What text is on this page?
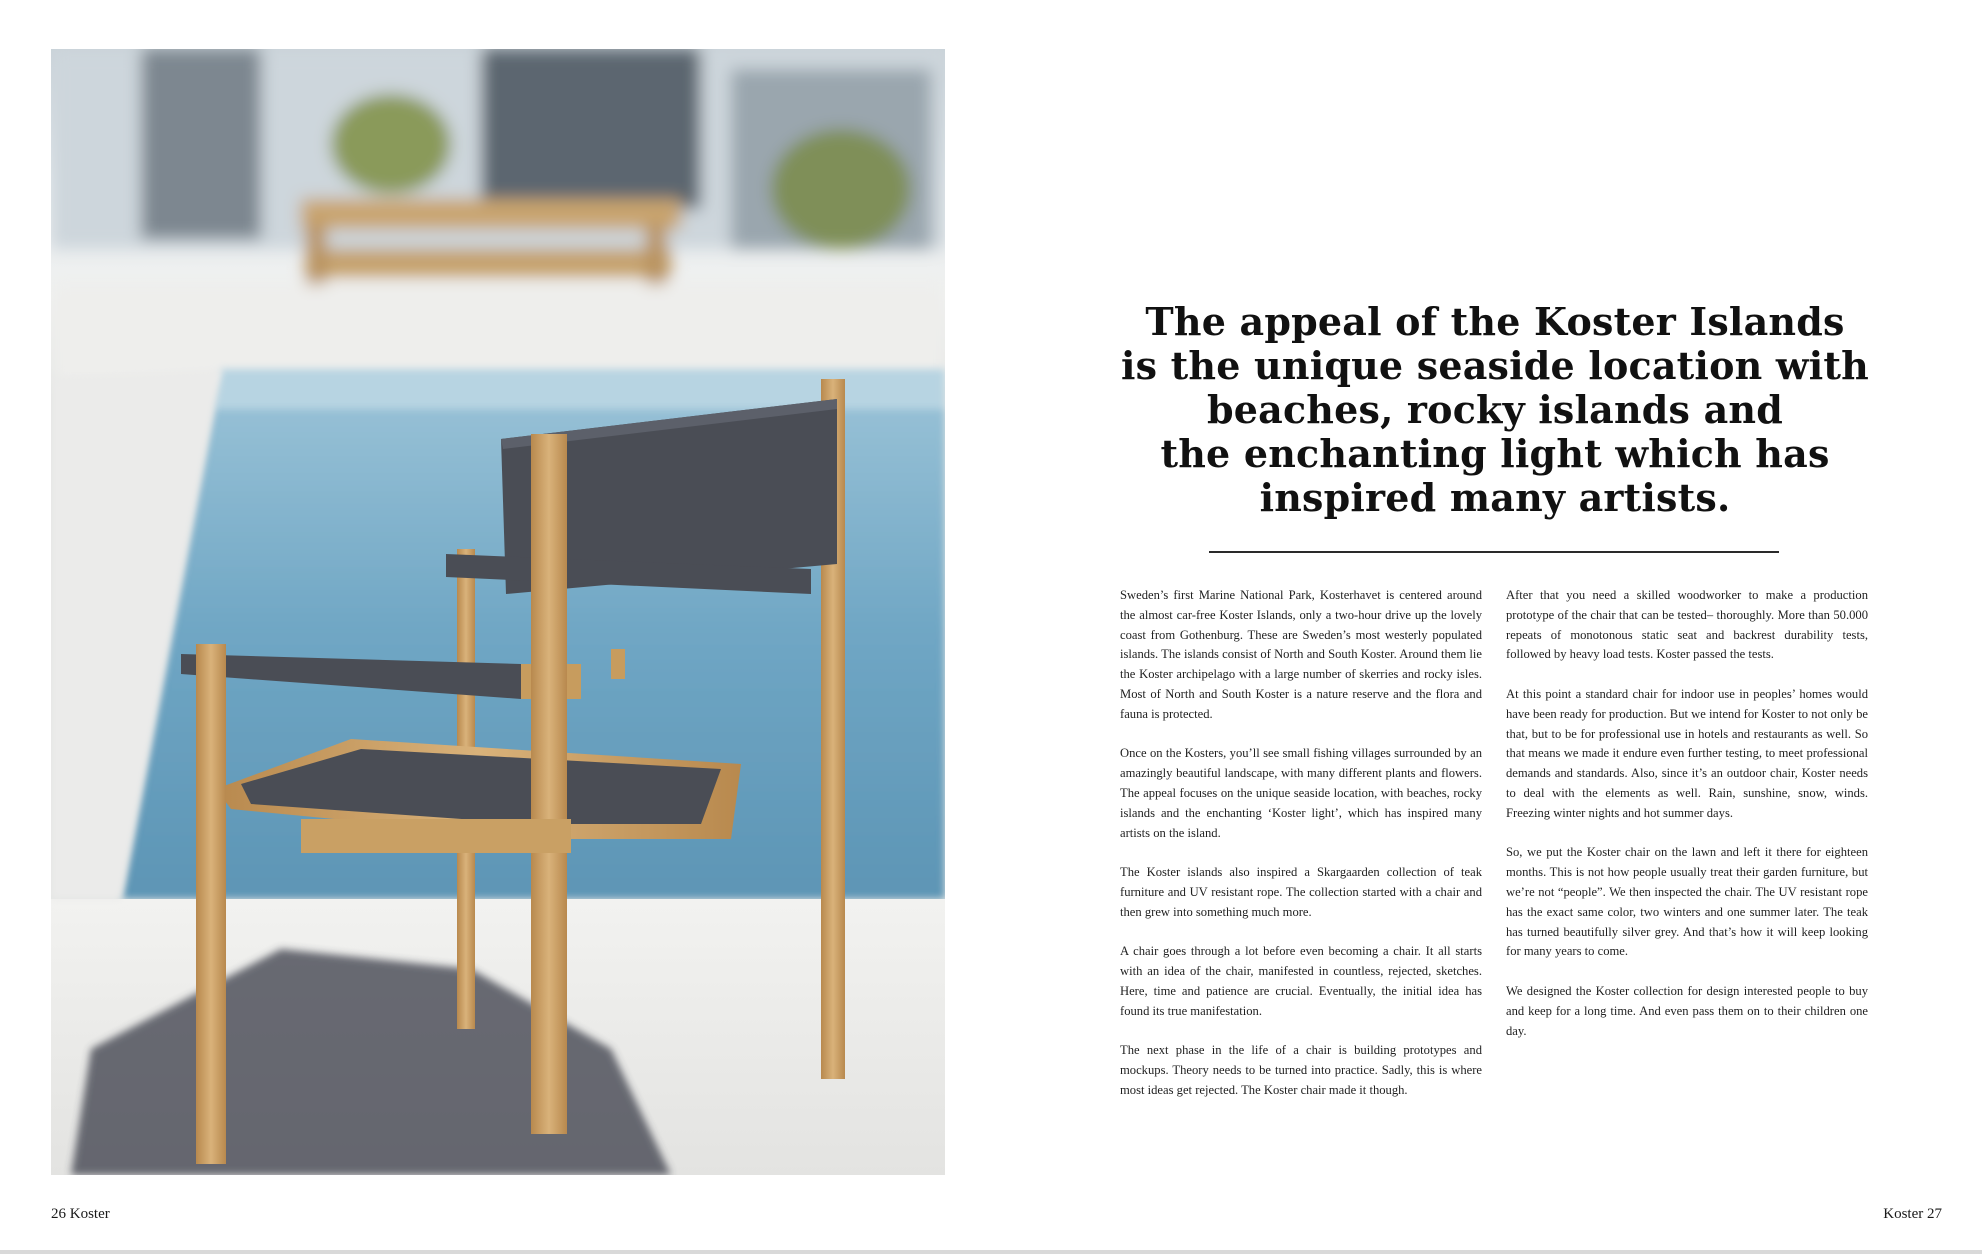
26 Koster
The appeal of the Koster Islands
is the unique seaside location with
beaches, rocky islands and
the enchanting light which has
inspired many artists.

Sweden’s first Marine National Park, Kosterhavet is centered around the almost car-free Koster Islands, only a two-hour drive up the lovely coast from Gothenburg. These are Sweden’s most westerly populated islands. The islands consist of North and South Koster. Around them lie the Koster archipelago with a large number of skerries and rocky isles. Most of North and South Koster is a nature reserve and the flora and fauna is protected.

Once on the Kosters, you’ll see small fishing villages surrounded by an amazingly beautiful landscape, with many different plants and flowers. The appeal focuses on the unique seaside location, with beaches, rocky islands and the enchanting ‘Koster light’, which has inspired many artists on the island.

The Koster islands also inspired a Skargaarden collection of teak furniture and UV resistant rope. The collection started with a chair and then grew into something much more.

A chair goes through a lot before even becoming a chair. It all starts with an idea of the chair, manifested in countless, rejected, sketches. Here, time and patience are crucial. Eventually, the initial idea has found its true manifestation.

The next phase in the life of a chair is building prototypes and mockups. Theory needs to be turned into practice. Sadly, this is where most ideas get rejected. The Koster chair made it though.

After that you need a skilled woodworker to make a production prototype of the chair that can be tested– thoroughly. More than 50.000 repeats of monotonous static seat and backrest durability tests, followed by heavy load tests. Koster passed the tests.

At this point a standard chair for indoor use in peoples’ homes would have been ready for production. But we intend for Koster to not only be that, but to be for professional use in hotels and restaurants as well. So that means we made it endure even further testing, to meet professional demands and standards. Also, since it’s an outdoor chair, Koster needs to deal with the elements as well. Rain, sunshine, snow, winds. Freezing winter nights and hot summer days.

So, we put the Koster chair on the lawn and left it there for eighteen months. This is not how people usually treat their garden furniture, but we’re not “people”. We then inspected the chair. The UV resistant rope has the exact same color, two winters and one summer later. The teak has turned beautifully silver grey. And that’s how it will keep looking for many years to come.

We designed the Koster collection for design interested people to buy and keep for a long time. And even pass them on to their children one day.

Koster 27
